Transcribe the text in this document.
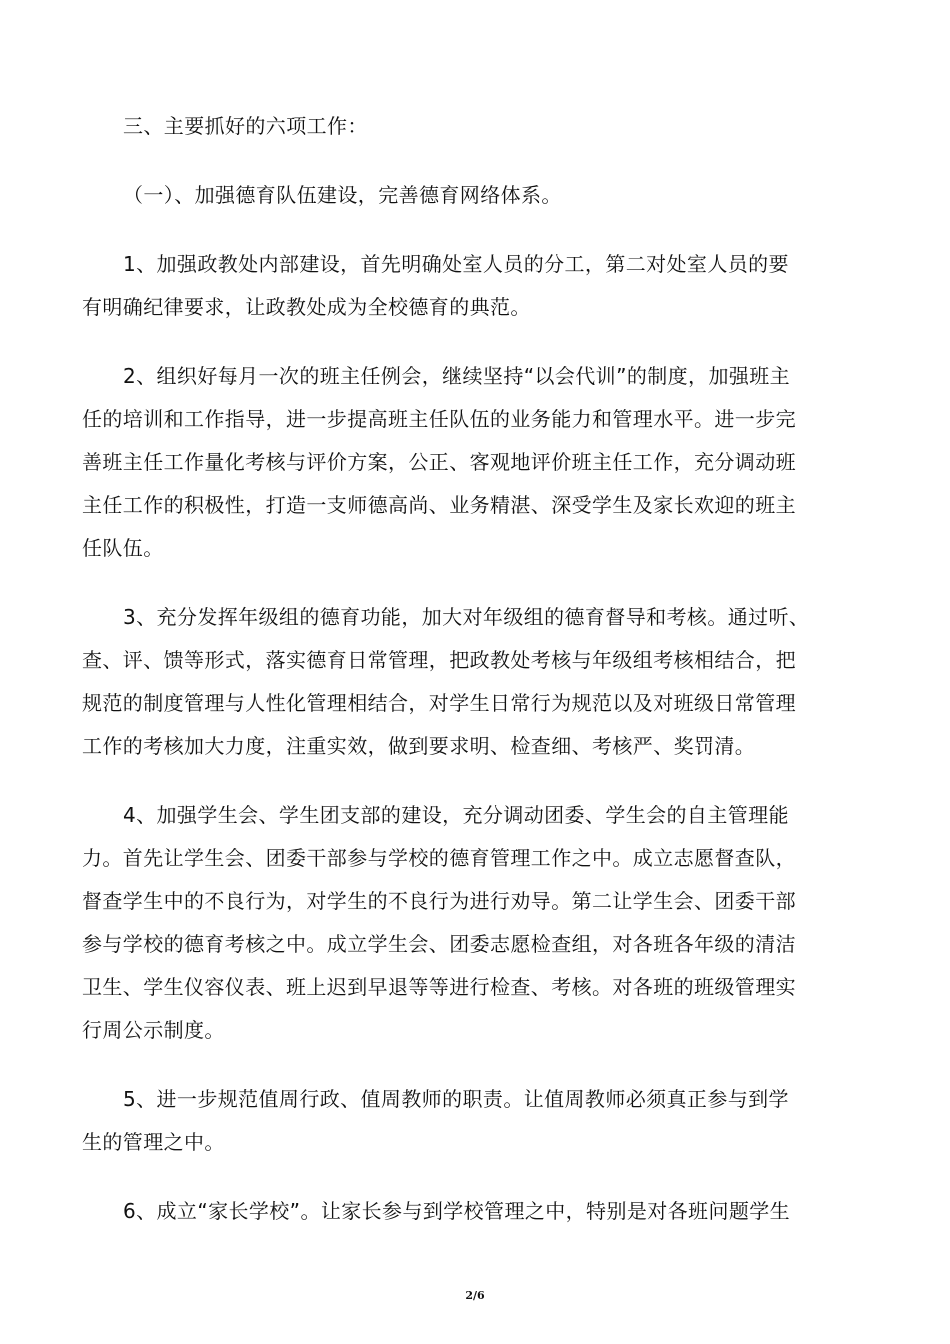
三、主要抓好的六项工作：
（一）、加强德育队伍建设，完善德育网络体系。
1、加强政教处内部建设，首先明确处室人员的分工，第二对处室人员的要
有明确纪律要求，让政教处成为全校德育的典范。
2、组织好每月一次的班主任例会，继续坚持“以会代训”的制度，加强班主
任的培训和工作指导，进一步提高班主任队伍的业务能力和管理水平。进一步完
善班主任工作量化考核与评价方案，公正、客观地评价班主任工作，充分调动班
主任工作的积极性，打造一支师德高尚、业务精湛、深受学生及家长欢迎的班主
任队伍。
3、充分发挥年级组的德育功能，加大对年级组的德育督导和考核。通过听、
查、评、馈等形式，落实德育日常管理，把政教处考核与年级组考核相结合，把
规范的制度管理与人性化管理相结合，对学生日常行为规范以及对班级日常管理
工作的考核加大力度，注重实效，做到要求明、检查细、考核严、奖罚清。
4、加强学生会、学生团支部的建设，充分调动团委、学生会的自主管理能
力。首先让学生会、团委干部参与学校的德育管理工作之中。成立志愿督查队，
督查学生中的不良行为，对学生的不良行为进行劝导。第二让学生会、团委干部
参与学校的德育考核之中。成立学生会、团委志愿检查组，对各班各年级的清洁
卫生、学生仪容仪表、班上迟到早退等等进行检查、考核。对各班的班级管理实
行周公示制度。
5、进一步规范值周行政、值周教师的职责。让值周教师必须真正参与到学
生的管理之中。
6、成立“家长学校”。让家长参与到学校管理之中，特别是对各班问题学生
2/6
